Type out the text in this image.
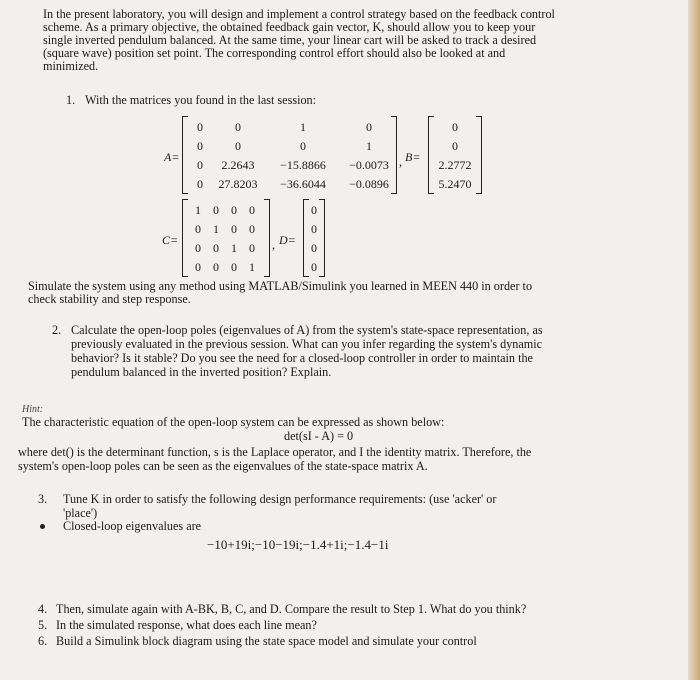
In the present laboratory, you will design and implement a control strategy based on the feedback control
scheme. As a primary objective, the obtained feedback gain vector, K, should allow you to keep your
single inverted pendulum balanced. At the same time, your linear cart will be asked to track a desired
(square wave) position set point. The corresponding control effort should also be looked at and
minimized.
1. With the matrices you found in the last session:
A=
0	0	1	0
0	0	0	1
0	2.2643	−15.8866	−0.0073
0	27.8203	−36.6044	−0.0896
, B=
0
0
2.2772
5.2470
C=
1	0	0	0
0	1	0	0
0	0	1	0
0	0	0	1
, D=
0
0
0
0
Simulate the system using any method using MATLAB/Simulink you learned in MEEN 440 in order to
check stability and step response.
2. Calculate the open-loop poles (eigenvalues of A) from the system's state-space representation, as
previously evaluated in the previous session. What can you infer regarding the system's dynamic
behavior? Is it stable? Do you see the need for a closed-loop controller in order to maintain the
pendulum balanced in the inverted position? Explain.
Hint:
The characteristic equation of the open-loop system can be expressed as shown below:
det(sI - A) = 0
where det() is the determinant function, s is the Laplace operator, and I the identity matrix. Therefore, the
system's open-loop poles can be seen as the eigenvalues of the state-space matrix A.
3. Tune K in order to satisfy the following design performance requirements: (use 'acker' or
'place')
Closed-loop eigenvalues are
−10+19i;−10−19i;−1.4+1i;−1.4−1i
4. Then, simulate again with A-BK, B, C, and D. Compare the result to Step 1. What do you think?
5. In the simulated response, what does each line mean?
6. Build a Simulink block diagram using the state space model and simulate your control
